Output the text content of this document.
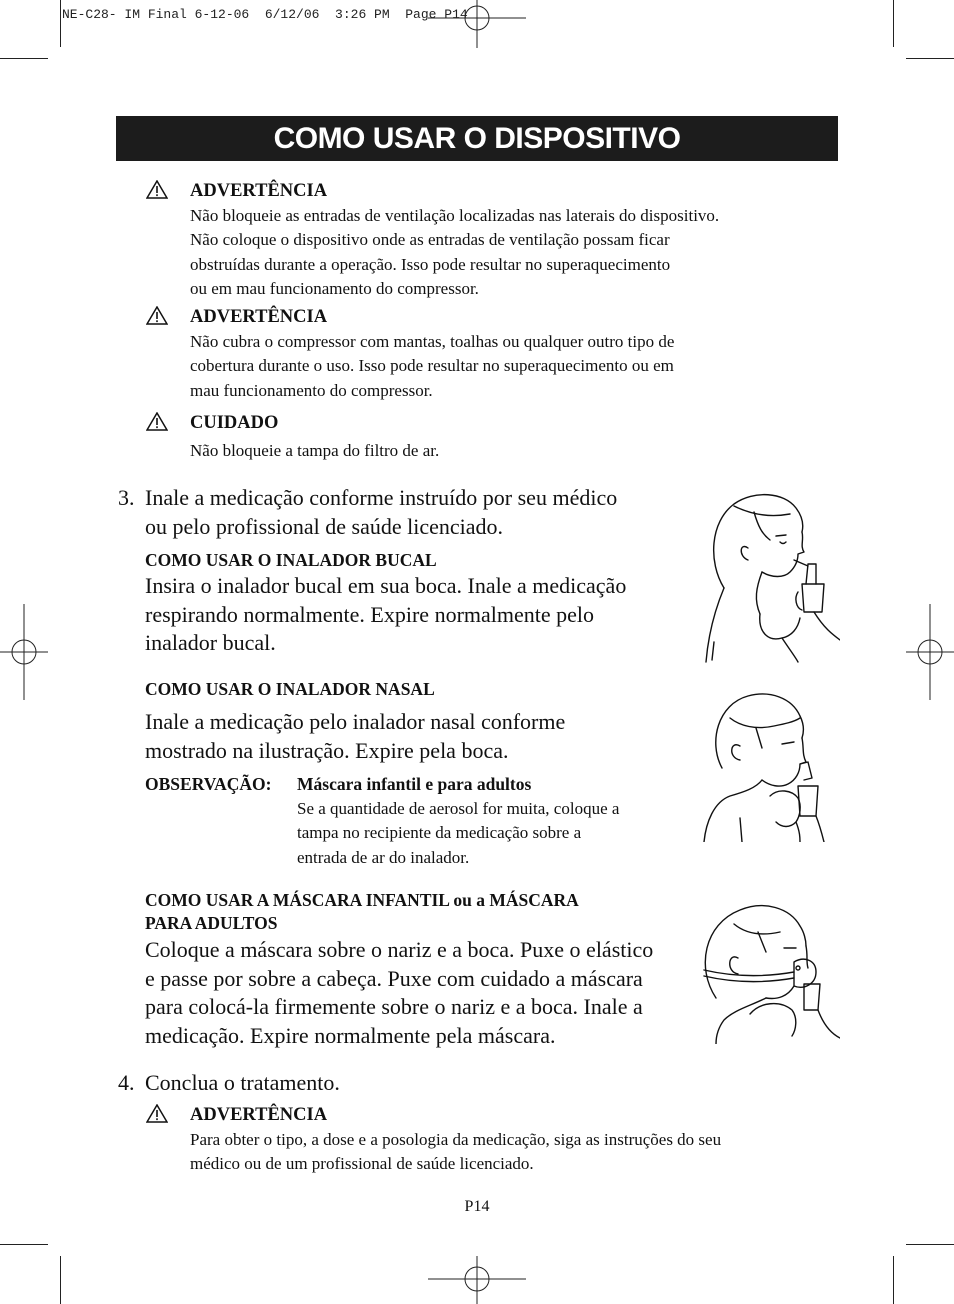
NE-C28- IM Final 6-12-06  6/12/06  3:26 PM  Page P14
COMO USAR O DISPOSITIVO
ADVERTÊNCIA
Não bloqueie as entradas de ventilação localizadas nas laterais do dispositivo.
Não coloque o dispositivo onde as entradas de ventilação possam ficar
obstruídas durante a operação. Isso pode resultar no superaquecimento
ou em mau funcionamento do compressor.
ADVERTÊNCIA
Não cubra o compressor com mantas, toalhas ou qualquer outro tipo de
cobertura durante o uso. Isso pode resultar no superaquecimento ou em
mau funcionamento do compressor.
CUIDADO
Não bloqueie a tampa do filtro de ar.
3. Inale a medicação conforme instruído por seu médico
ou pelo profissional de saúde licenciado.
COMO USAR O INALADOR BUCAL
Insira o inalador bucal em sua boca. Inale a medicação
respirando normalmente. Expire normalmente pelo
inalador bucal.
COMO USAR O INALADOR NASAL
Inale a medicação pelo inalador nasal conforme
mostrado na ilustração. Expire pela boca.
OBSERVAÇÃO: Máscara infantil e para adultos
Se a quantidade de aerosol for muita, coloque a
tampa no recipiente da medicação sobre a
entrada de ar do inalador.
COMO USAR A MÁSCARA INFANTIL ou a MÁSCARA
PARA ADULTOS
Coloque a máscara sobre o nariz e a boca. Puxe o elástico
e passe por sobre a cabeça. Puxe com cuidado a máscara
para colocá-la firmemente sobre o nariz e a boca. Inale a
medicação. Expire normalmente pela máscara.
4. Conclua o tratamento.
ADVERTÊNCIA
Para obter o tipo, a dose e a posologia da medicação, siga as instruções do seu
médico ou de um profissional de saúde licenciado.
P14
